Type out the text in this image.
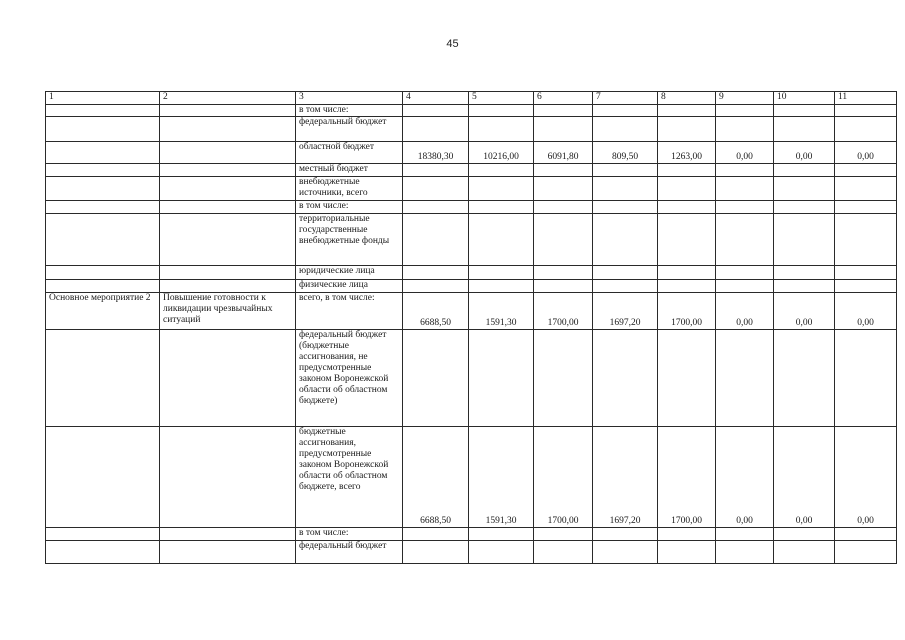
45
1	2	3	4	5	6	7	8	9	10	11
		в том числе:								
		федеральный бюджет								
		областной бюджет	18380,30	10216,00	6091,80	809,50	1263,00	0,00	0,00	0,00
		местный бюджет								
		внебюджетные источники, всего								
		в том числе:								
		территориальные государственные внебюджетные фонды								
		юридические лица								
		физические лица								
Основное мероприятие 2	Повышение готовности к ликвидации чрезвычайных ситуаций	всего, в том числе:	6688,50	1591,30	1700,00	1697,20	1700,00	0,00	0,00	0,00
		федеральный бюджет (бюджетные ассигнования, не предусмотренные законом Воронежской области об областном бюджете)								
		бюджетные ассигнования, предусмотренные законом Воронежской области об областном бюджете, всего	6688,50	1591,30	1700,00	1697,20	1700,00	0,00	0,00	0,00
		в том числе:								
		федеральный бюджет								
